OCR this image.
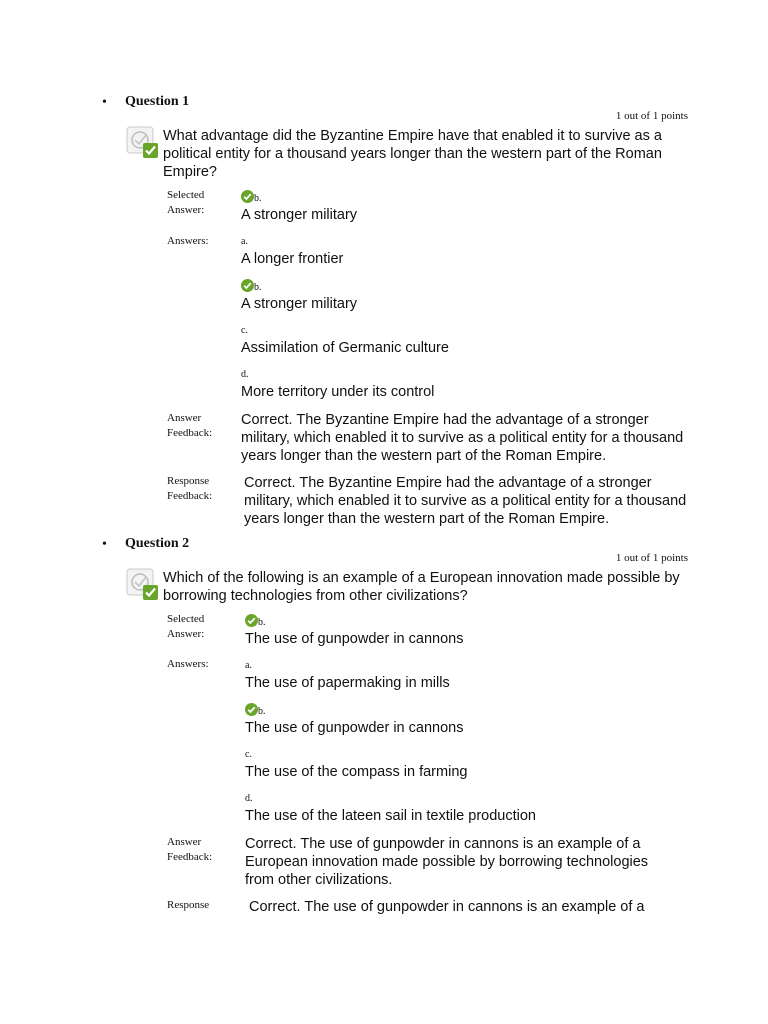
• Question 1
1 out of 1 points
What advantage did the Byzantine Empire have that enabled it to survive as a political entity for a thousand years longer than the western part of the Roman Empire?
Selected Answer:
b.
A stronger military
Answers:	a.
A longer frontier
b.
A stronger military
c.
Assimilation of Germanic culture
d.
More territory under its control
Answer Feedback:
Correct. The Byzantine Empire had the advantage of a stronger military, which enabled it to survive as a political entity for a thousand years longer than the western part of the Roman Empire.
Response Feedback:
Correct. The Byzantine Empire had the advantage of a stronger military, which enabled it to survive as a political entity for a thousand years longer than the western part of the Roman Empire.
• Question 2
1 out of 1 points
Which of the following is an example of a European innovation made possible by borrowing technologies from other civilizations?
Selected Answer:
b.
The use of gunpowder in cannons
Answers:	a.
The use of papermaking in mills
b.
The use of gunpowder in cannons
c.
The use of the compass in farming
d.
The use of the lateen sail in textile production
Answer Feedback:
Correct. The use of gunpowder in cannons is an example of a European innovation made possible by borrowing technologies from other civilizations.
Response	Correct. The use of gunpowder in cannons is an example of a
